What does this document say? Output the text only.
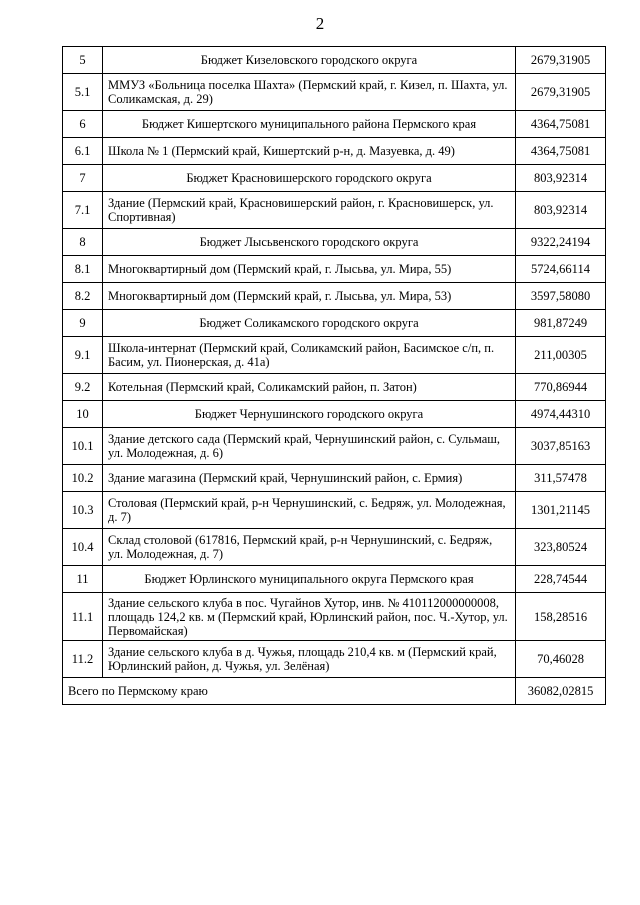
2
5	Бюджет Кизеловского городского округа	2679,31905
5.1	ММУЗ «Больница поселка Шахта» (Пермский край, г. Кизел, п. Шахта, ул. Соликамская, д. 29)	2679,31905
6	Бюджет Кишертского муниципального района Пермского края	4364,75081
6.1	Школа № 1 (Пермский край, Кишертский р-н, д. Мазуевка, д. 49)	4364,75081
7	Бюджет Красновишерского городского округа	803,92314
7.1	Здание (Пермский край, Красновишерский район, г. Красновишерск, ул. Спортивная)	803,92314
8	Бюджет Лысьвенского городского округа	9322,24194
8.1	Многоквартирный дом (Пермский край, г. Лысьва, ул. Мира, 55)	5724,66114
8.2	Многоквартирный дом (Пермский край, г. Лысьва, ул. Мира, 53)	3597,58080
9	Бюджет Соликамского городского округа	981,87249
9.1	Школа-интернат (Пермский край, Соликамский район, Басимское с/п, п. Басим, ул. Пионерская, д. 41а)	211,00305
9.2	Котельная (Пермский край, Соликамский район, п. Затон)	770,86944
10	Бюджет Чернушинского городского округа	4974,44310
10.1	Здание детского сада (Пермский край, Чернушинский район, с. Сульмаш, ул. Молодежная, д. 6)	3037,85163
10.2	Здание магазина (Пермский край, Чернушинский район, с. Ермия)	311,57478
10.3	Столовая (Пермский край, р-н Чернушинский, с. Бедряж, ул. Молодежная, д. 7)	1301,21145
10.4	Склад столовой (617816, Пермский край, р-н Чернушинский, с. Бедряж, ул. Молодежная, д. 7)	323,80524
11	Бюджет Юрлинского муниципального округа Пермского края	228,74544
11.1	Здание сельского клуба в пос. Чугайнов Хутор, инв. № 410112000000008, площадь 124,2 кв. м (Пермский край, Юрлинский район, пос. Ч.-Хутор, ул. Первомайская)	158,28516
11.2	Здание сельского клуба в д. Чужья, площадь 210,4 кв. м (Пермский край, Юрлинский район, д. Чужья, ул. Зелёная)	70,46028
Всего по Пермскому краю		36082,02815
